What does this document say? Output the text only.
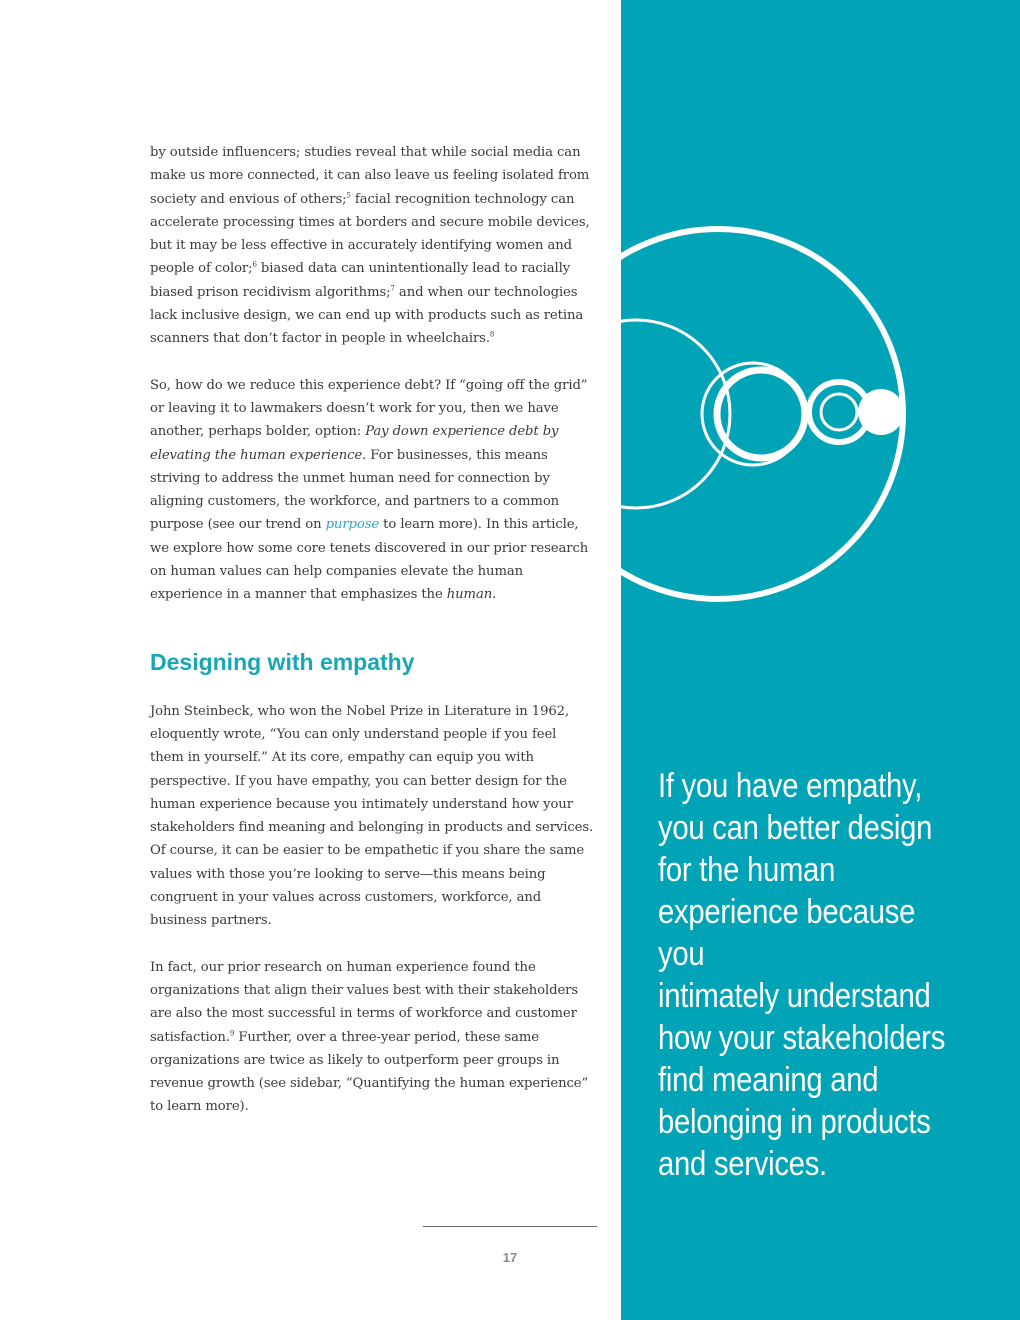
by outside influencers; studies reveal that while social media can
make us more connected, it can also leave us feeling isolated from
society and envious of others;$^5$ facial recognition technology can
accelerate processing times at borders and secure mobile devices,
but it may be less effective in accurately identifying women and
people of color;$^6$ biased data can unintentionally lead to racially
biased prison recidivism algorithms;$^7$ and when our technologies
lack inclusive design, we can end up with products such as retina
scanners that don’t factor in people in wheelchairs.$^8$

So, how do we reduce this experience debt? If “going off the grid”
or leaving it to lawmakers doesn’t work for you, then we have
another, perhaps bolder, option: Pay down experience debt by
elevating the human experience. For businesses, this means
striving to address the unmet human need for connection by
aligning customers, the workforce, and partners to a common
purpose (see our trend on purpose to learn more). In this article,
we explore how some core tenets discovered in our prior research
on human values can help companies elevate the human
experience in a manner that emphasizes the human.

Designing with empathy

John Steinbeck, who won the Nobel Prize in Literature in 1962,
eloquently wrote, “You can only understand people if you feel
them in yourself.” At its core, empathy can equip you with
perspective. If you have empathy, you can better design for the
human experience because you intimately understand how your
stakeholders find meaning and belonging in products and services.
Of course, it can be easier to be empathetic if you share the same
values with those you’re looking to serve—this means being
congruent in your values across customers, workforce, and
business partners.

In fact, our prior research on human experience found the
organizations that align their values best with their stakeholders
are also the most successful in terms of workforce and customer
satisfaction.$^9$ Further, over a three-year period, these same
organizations are twice as likely to outperform peer groups in
revenue growth (see sidebar, “Quantifying the human experience”
to learn more).

17

If you have empathy,
you can better design
for the human
experience because you
intimately understand
how your stakeholders
find meaning and
belonging in products
and services.
